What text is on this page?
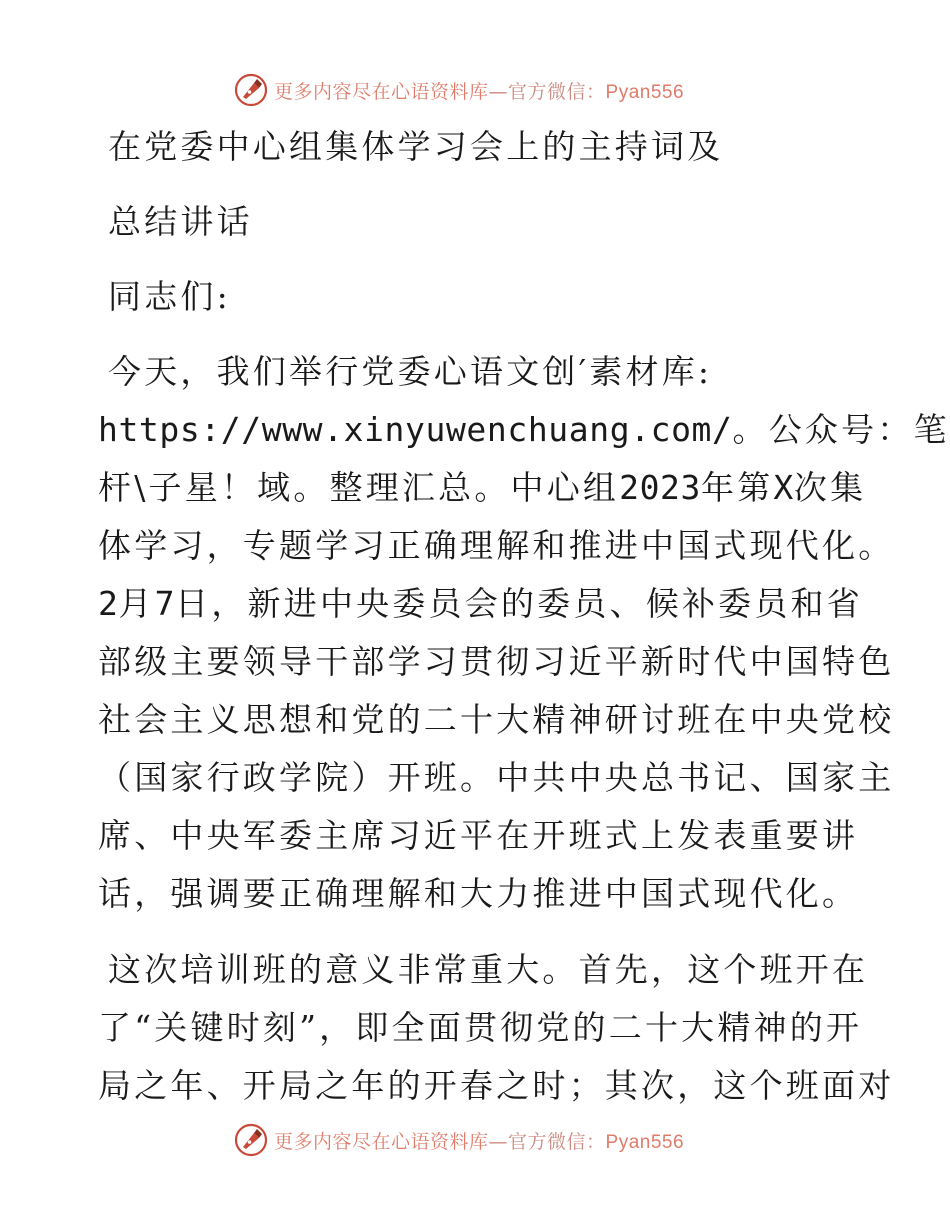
更多内容尽在心语资料库—官方微信：Pyan556
在党委中心组集体学习会上的主持词及
总结讲话
同志们:
今天，我们举行党委心语文创′素材库:
https://www.xinyuwenchuang.com/。公众号：笔
杆\子星！域。整理汇总。中心组2023年第X次集
体学习，专题学习正确理解和推进中国式现代化。
2月7日，新进中央委员会的委员、候补委员和省
部级主要领导干部学习贯彻习近平新时代中国特色
社会主义思想和党的二十大精神研讨班在中央党校
（国家行政学院）开班。中共中央总书记、国家主
席、中央军委主席习近平在开班式上发表重要讲
话，强调要正确理解和大力推进中国式现代化。
这次培训班的意义非常重大。首先，这个班开在
了“关键时刻”，即全面贯彻党的二十大精神的开
局之年、开局之年的开春之时；其次，这个班面对
更多内容尽在心语资料库—官方微信：Pyan556
